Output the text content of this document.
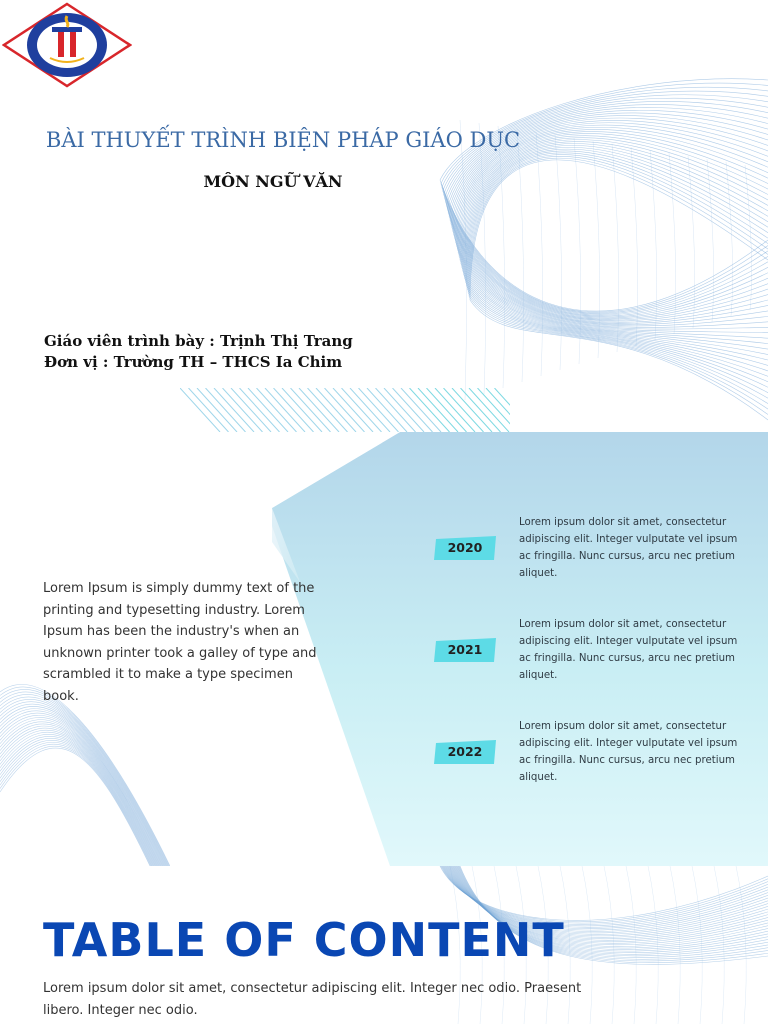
BÀI THUYẾT TRÌNH BIỆN PHÁP GIÁO DỤC
MÔN NGỮ VĂN
Giáo viên trình bày : Trịnh Thị Trang
Đơn vị : Trường TH – THCS Ia Chim
Lorem Ipsum is simply dummy text of the printing and typesetting industry. Lorem Ipsum has been the industry's when an unknown printer took a galley of type and scrambled it to make a type specimen book.
2020
Lorem ipsum dolor sit amet, consectetur adipiscing elit. Integer vulputate vel ipsum ac fringilla. Nunc cursus, arcu nec pretium aliquet.
2021
Lorem ipsum dolor sit amet, consectetur adipiscing elit. Integer vulputate vel ipsum ac fringilla. Nunc cursus, arcu nec pretium aliquet.
2022
Lorem ipsum dolor sit amet, consectetur adipiscing elit. Integer vulputate vel ipsum ac fringilla. Nunc cursus, arcu nec pretium aliquet.
TABLE OF CONTENT
Lorem ipsum dolor sit amet, consectetur adipiscing elit. Integer nec odio. Praesent libero. Integer nec odio.
